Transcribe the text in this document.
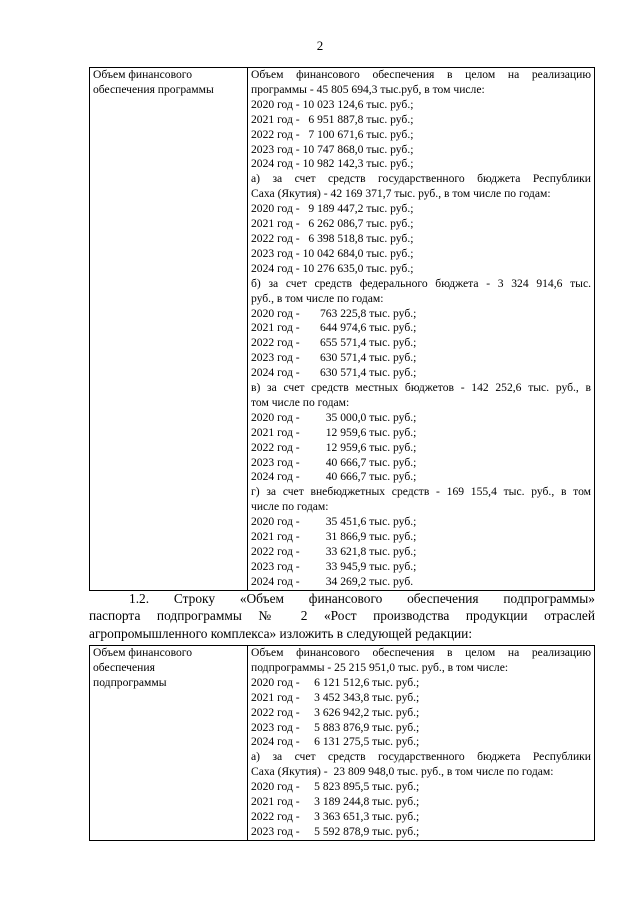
2
Объем финансового
обеспечения программы

Объем финансового обеспечения в целом на реализацию
программы - 45 805 694,3 тыс.руб, в том числе:
2020 год - 10 023 124,6 тыс. руб.;
2021 год -   6 951 887,8 тыс. руб.;
2022 год -   7 100 671,6 тыс. руб.;
2023 год - 10 747 868,0 тыс. руб.;
2024 год - 10 982 142,3 тыс. руб.;
а) за счет средств государственного бюджета Республики
Саха (Якутия) - 42 169 371,7 тыс. руб., в том числе по годам:
2020 год -   9 189 447,2 тыс. руб.;
2021 год -   6 262 086,7 тыс. руб.;
2022 год -   6 398 518,8 тыс. руб.;
2023 год - 10 042 684,0 тыс. руб.;
2024 год - 10 276 635,0 тыс. руб.;
б) за счет средств федерального бюджета - 3 324 914,6 тыс.
руб., в том числе по годам:
2020 год -       763 225,8 тыс. руб.;
2021 год -       644 974,6 тыс. руб.;
2022 год -       655 571,4 тыс. руб.;
2023 год -       630 571,4 тыс. руб.;
2024 год -       630 571,4 тыс. руб.;
в) за счет средств местных бюджетов - 142 252,6 тыс. руб., в
том числе по годам:
2020 год -         35 000,0 тыс. руб.;
2021 год -         12 959,6 тыс. руб.;
2022 год -         12 959,6 тыс. руб.;
2023 год -         40 666,7 тыс. руб.;
2024 год -         40 666,7 тыс. руб.;
г) за счет внебюджетных средств - 169 155,4 тыс. руб., в том
числе по годам:
2020 год -         35 451,6 тыс. руб.;
2021 год -         31 866,9 тыс. руб.;
2022 год -         33 621,8 тыс. руб.;
2023 год -         33 945,9 тыс. руб.;
2024 год -         34 269,2 тыс. руб.
1.2. Строку «Объем финансового обеспечения подпрограммы»
паспорта подпрограммы № 2 «Рост производства продукции отраслей
агропромышленного комплекса» изложить в следующей редакции:
Объем финансового
обеспечения
подпрограммы

Объем финансового обеспечения в целом на реализацию
подпрограммы - 25 215 951,0 тыс. руб., в том числе:
2020 год -     6 121 512,6 тыс. руб.;
2021 год -     3 452 343,8 тыс. руб.;
2022 год -     3 626 942,2 тыс. руб.;
2023 год -     5 883 876,9 тыс. руб.;
2024 год -     6 131 275,5 тыс. руб.;
а) за счет средств государственного бюджета Республики
Саха (Якутия) -  23 809 948,0 тыс. руб., в том числе по годам:
2020 год -     5 823 895,5 тыс. руб.;
2021 год -     3 189 244,8 тыс. руб.;
2022 год -     3 363 651,3 тыс. руб.;
2023 год -     5 592 878,9 тыс. руб.;
